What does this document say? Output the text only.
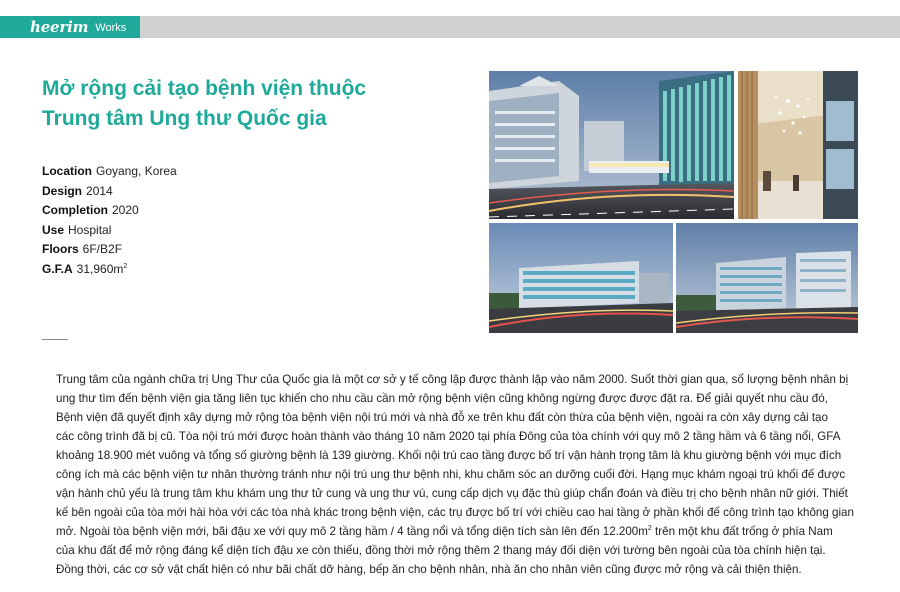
heerim Works
Mở rộng cải tạo bệnh viện thuộc
Trung tâm Ung thư Quốc gia
Location Goyang, Korea
Design 2014
Completion 2020
Use Hospital
Floors 6F/B2F
G.F.A $31,960m^2$

Trung tâm của ngành chữa trị Ung Thư của Quốc gia là một cơ sở y tế công lập được thành lập vào năm 2000. Suốt thời gian qua, số lượng bệnh nhân bị

ung thư tìm đến bệnh viện gia tăng liên tục khiến cho nhu cầu cần mở rộng bệnh viện cũng không ngừng được được đặt ra. Để giải quyết nhu cầu đó,

Bệnh viện đã quyết định xây dựng mở rộng tòa bệnh viện nội trú mới và nhà đỗ xe trên khu đất còn thừa của bệnh viện, ngoài ra còn xây dựng cải tạo

các công trình đã bị cũ. Tòa nội trú mới được hoàn thành vào tháng 10 năm 2020 tại phía Đông của tòa chính với quy mô 2 tầng hầm và 6 tầng nổi, GFA

khoảng 18.900 mét vuông và tổng số giường bệnh là 139 giường. Khối nội trú cao tầng được bố trí vận hành trọng tâm là khu giường bệnh với mục đích

công ích mà các bệnh viện tư nhân thường tránh như nội trú ung thư bệnh nhi, khu chăm sóc an dưỡng cuối đời. Hạng mục khám ngoại trú khối đế được

vận hành chủ yếu là trung tâm khu khám ung thư tử cung và ung thư vú, cung cấp dịch vụ đặc thù giúp chẩn đoán và điều trị cho bệnh nhân nữ giới. Thiết

kế bên ngoài của tòa mới hài hòa với các tòa nhà khác trong bệnh viện, các trụ được bố trí với chiều cao hai tầng ở phần khối đế công trình tạo không gian

mở. Ngoài tòa bệnh viện mới, bãi đậu xe với quy mô 2 tầng hầm / 4 tầng nổi và tổng diện tích sàn lên đến $12.200m^2$ trên một khu đất trống ở phía Nam

của khu đất để mở rộng đáng kể diện tích đậu xe còn thiếu, đồng thời mở rộng thêm 2 thang máy đối diện với tường bên ngoài của tòa chính hiện tại.

Đồng thời, các cơ sở vật chất hiện có như bãi chất dỡ hàng, bếp ăn cho bệnh nhân, nhà ăn cho nhân viên cũng được mở rộng và cải thiện thiện.
